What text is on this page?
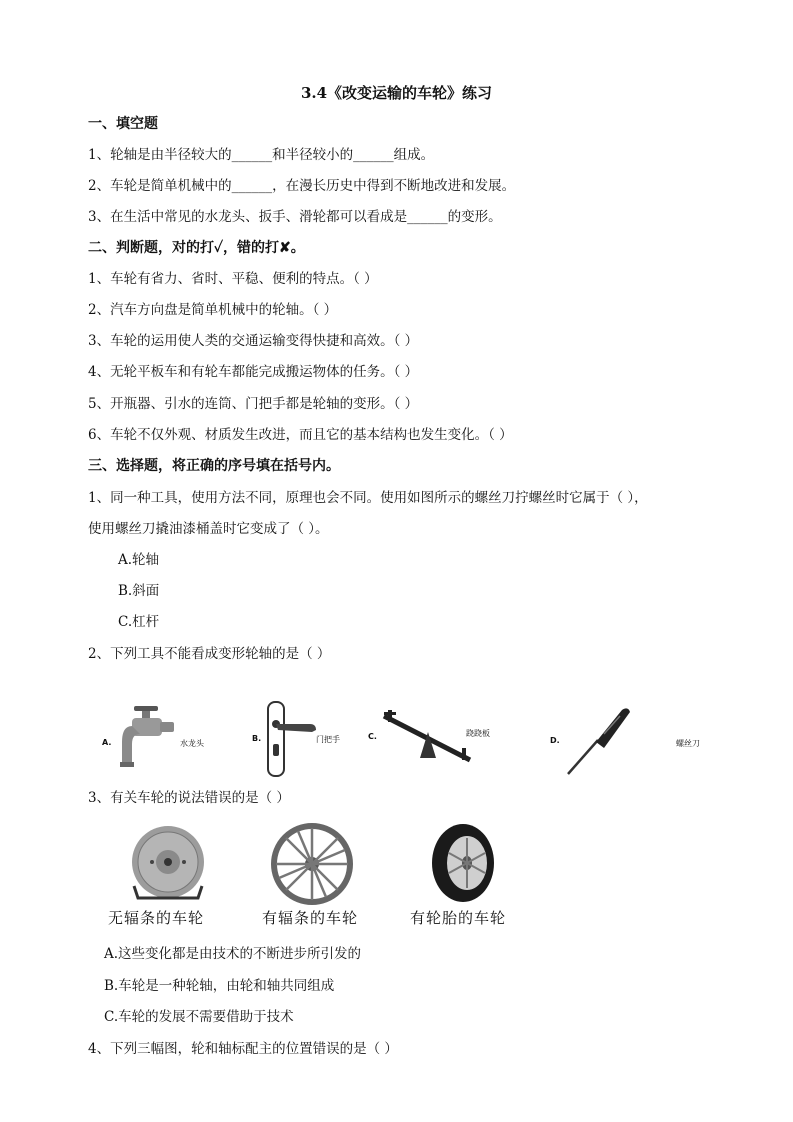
3.4《改变运输的车轮》练习
一、填空题
1、轮轴是由半径较大的______和半径较小的______组成。
2、车轮是简单机械中的______，在漫长历史中得到不断地改进和发展。
3、在生活中常见的水龙头、扳手、滑轮都可以看成是______的变形。
二、判断题，对的打✓，错的打✘。
1、车轮有省力、省时、平稳、便利的特点。（ ）
2、汽车方向盘是简单机械中的轮轴。（ ）
3、车轮的运用使人类的交通运输变得快捷和高效。（ ）
4、无轮平板车和有轮车都能完成搬运物体的任务。（ ）
5、开瓶器、引水的连筒、门把手都是轮轴的变形。（ ）
6、车轮不仅外观、材质发生改进，而且它的基本结构也发生变化。（ ）
三、选择题，将正确的序号填在括号内。
1、同一种工具，使用方法不同，原理也会不同。使用如图所示的螺丝刀拧螺丝时它属于（ ），
使用螺丝刀撬油漆桶盖时它变成了（ ）。
A.轮轴
B.斜面
C.杠杆
2、下列工具不能看成变形轮轴的是（ ）
A.	水龙头
B.	门把手	C.	跷跷板
D.	螺丝刀
3、有关车轮的说法错误的是（ ）
无辐条的车轮	有辐条的车轮	有轮胎的车轮
A.这些变化都是由技术的不断进步所引发的
B.车轮是一种轮轴，由轮和轴共同组成
C.车轮的发展不需要借助于技术
4、下列三幅图，轮和轴标配主的位置错误的是（ ）
